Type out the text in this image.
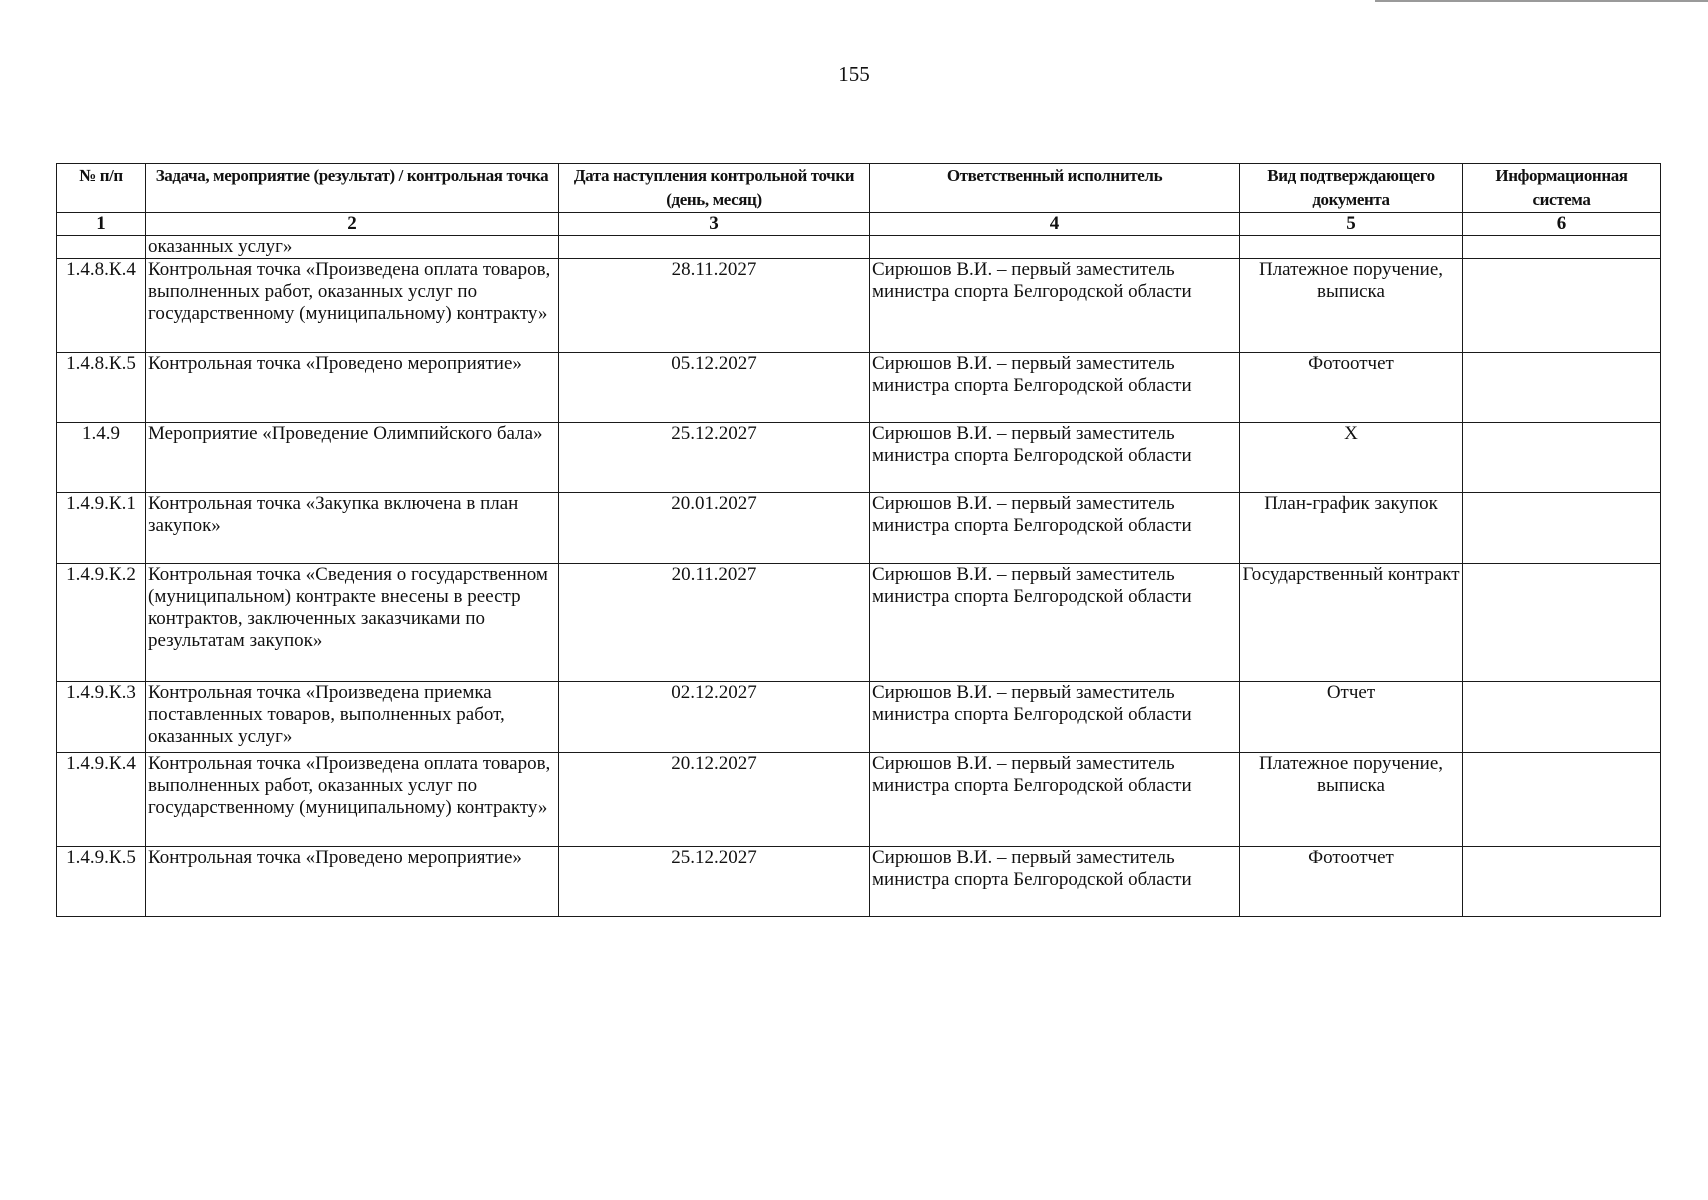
155
№ п/п	Задача, мероприятие (результат) / контрольная точка	Дата наступления контрольной точки (день, месяц)	Ответственный исполнитель	Вид подтверждающего документа	Информационная система
1	2	3	4	5	6
	оказанных услуг»				
1.4.8.К.4	Контрольная точка «Произведена оплата товаров, выполненных работ, оказанных услуг по государственному (муниципальному) контракту»	28.11.2027	Сирюшов В.И. – первый заместитель министра спорта Белгородской области	Платежное поручение, выписка	
1.4.8.К.5	Контрольная точка «Проведено мероприятие»	05.12.2027	Сирюшов В.И. – первый заместитель министра спорта Белгородской области	Фотоотчет	
1.4.9	Мероприятие «Проведение Олимпийского бала»	25.12.2027	Сирюшов В.И. – первый заместитель министра спорта Белгородской области	Х	
1.4.9.К.1	Контрольная точка «Закупка включена в план закупок»	20.01.2027	Сирюшов В.И. – первый заместитель министра спорта Белгородской области	План-график закупок	
1.4.9.К.2	Контрольная точка «Сведения о государственном (муниципальном) контракте внесены в реестр контрактов, заключенных заказчиками по результатам закупок»	20.11.2027	Сирюшов В.И. – первый заместитель министра спорта Белгородской области	Государственный контракт	
1.4.9.К.3	Контрольная точка «Произведена приемка поставленных товаров, выполненных работ, оказанных услуг»	02.12.2027	Сирюшов В.И. – первый заместитель министра спорта Белгородской области	Отчет	
1.4.9.К.4	Контрольная точка «Произведена оплата товаров, выполненных работ, оказанных услуг по государственному (муниципальному) контракту»	20.12.2027	Сирюшов В.И. – первый заместитель министра спорта Белгородской области	Платежное поручение, выписка	
1.4.9.К.5	Контрольная точка «Проведено мероприятие»	25.12.2027	Сирюшов В.И. – первый заместитель министра спорта Белгородской области	Фотоотчет	
